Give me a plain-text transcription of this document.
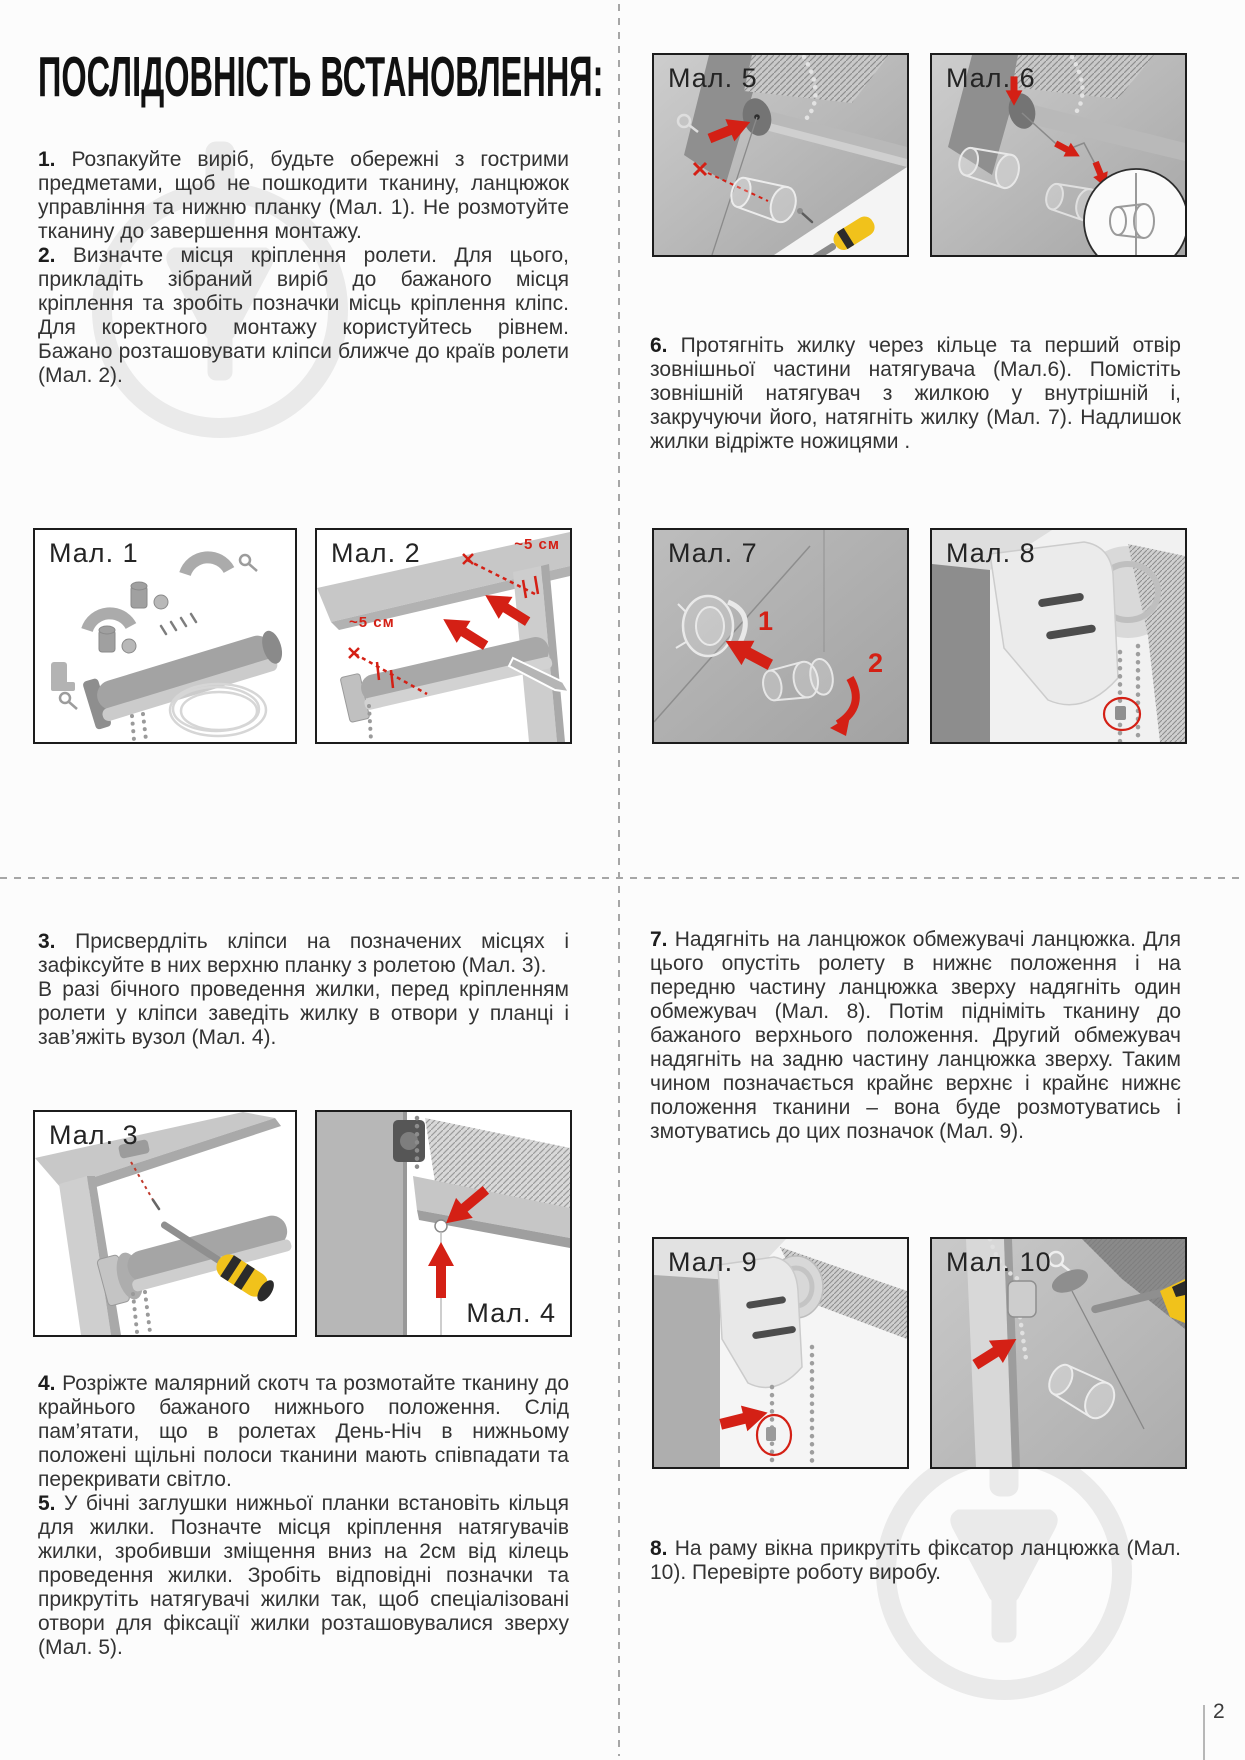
ПОСЛІДОВНІСТЬ ВСТАНОВЛЕННЯ:

1. Розпакуйте виріб, будьте обережні з гострими предметами, щоб не пошкодити тканину, ланцюжок управління та нижню планку (Мал. 1). Не розмотуйте тканину до завершення монтажу.

2. Визначте місця кріплення ролети. Для цього, прикладіть зібраний виріб до бажаного місця кріплення та зробіть позначки місць кріплення кліпс. Для коректного монтажу користуйтесь рівнем. Бажано розташовувати кліпси ближче до країв ролети (Мал. 2).

Мал. 1	~5 см
~5 см
Мал. 2

3. Присвердліть кліпси на позначених місцях і зафіксуйте в них верхню планку з ролетою (Мал. 3).

В разі бічного проведення жилки, перед кріпленням ролети у кліпси заведіть жилку в отвори у планці і зав’яжіть вузол (Мал. 4).

Мал. 3
Мал. 4

4. Розріжте малярний скотч та розмотайте тканину до крайнього бажаного нижнього положення. Слід пам’ятати, що в ролетах День-Ніч в нижньому положені щільні полоси тканини мають співпадати та перекривати світло.

5. У бічні заглушки нижньої планки встановіть кільця для жилки. Позначте місця кріплення натягувачів жилки, зробивши зміщення вниз на 2см від кілець проведення жилки. Зробіть відповідні позначки та прикрутіть натягувачі жилки так, щоб спеціалізовані отвори для фіксації жилки розташовувалися зверху (Мал. 5).

Мал. 5	Мал. 6

6. Протягніть жилку через кільце та перший отвір зовнішньої частини натягувача (Мал.6). Помістіть зовнішній натягувач з жилкою у внутрішній і, закручуючи його, натягніть жилку (Мал. 7). Надлишок жилки відріжте ножицями .

1
2
Мал. 7	Мал. 8

7. Надягніть на ланцюжок обмежувачі ланцюжка. Для цього опустіть ролету в нижнє положення і на передню частину ланцюжка зверху надягніть один обмежувач (Мал. 8). Потім підніміть тканину до бажаного верхнього положення. Другий обмежувач надягніть на задню частину ланцюжка зверху. Таким чином позначається крайнє верхнє і крайнє нижнє положення тканини – вона буде розмотуватись і змотуватись до цих позначок (Мал. 9).

Мал. 9	Мал. 10

8. На раму вікна прикрутіть фіксатор ланцюжка (Мал. 10). Перевірте роботу виробу.

2
